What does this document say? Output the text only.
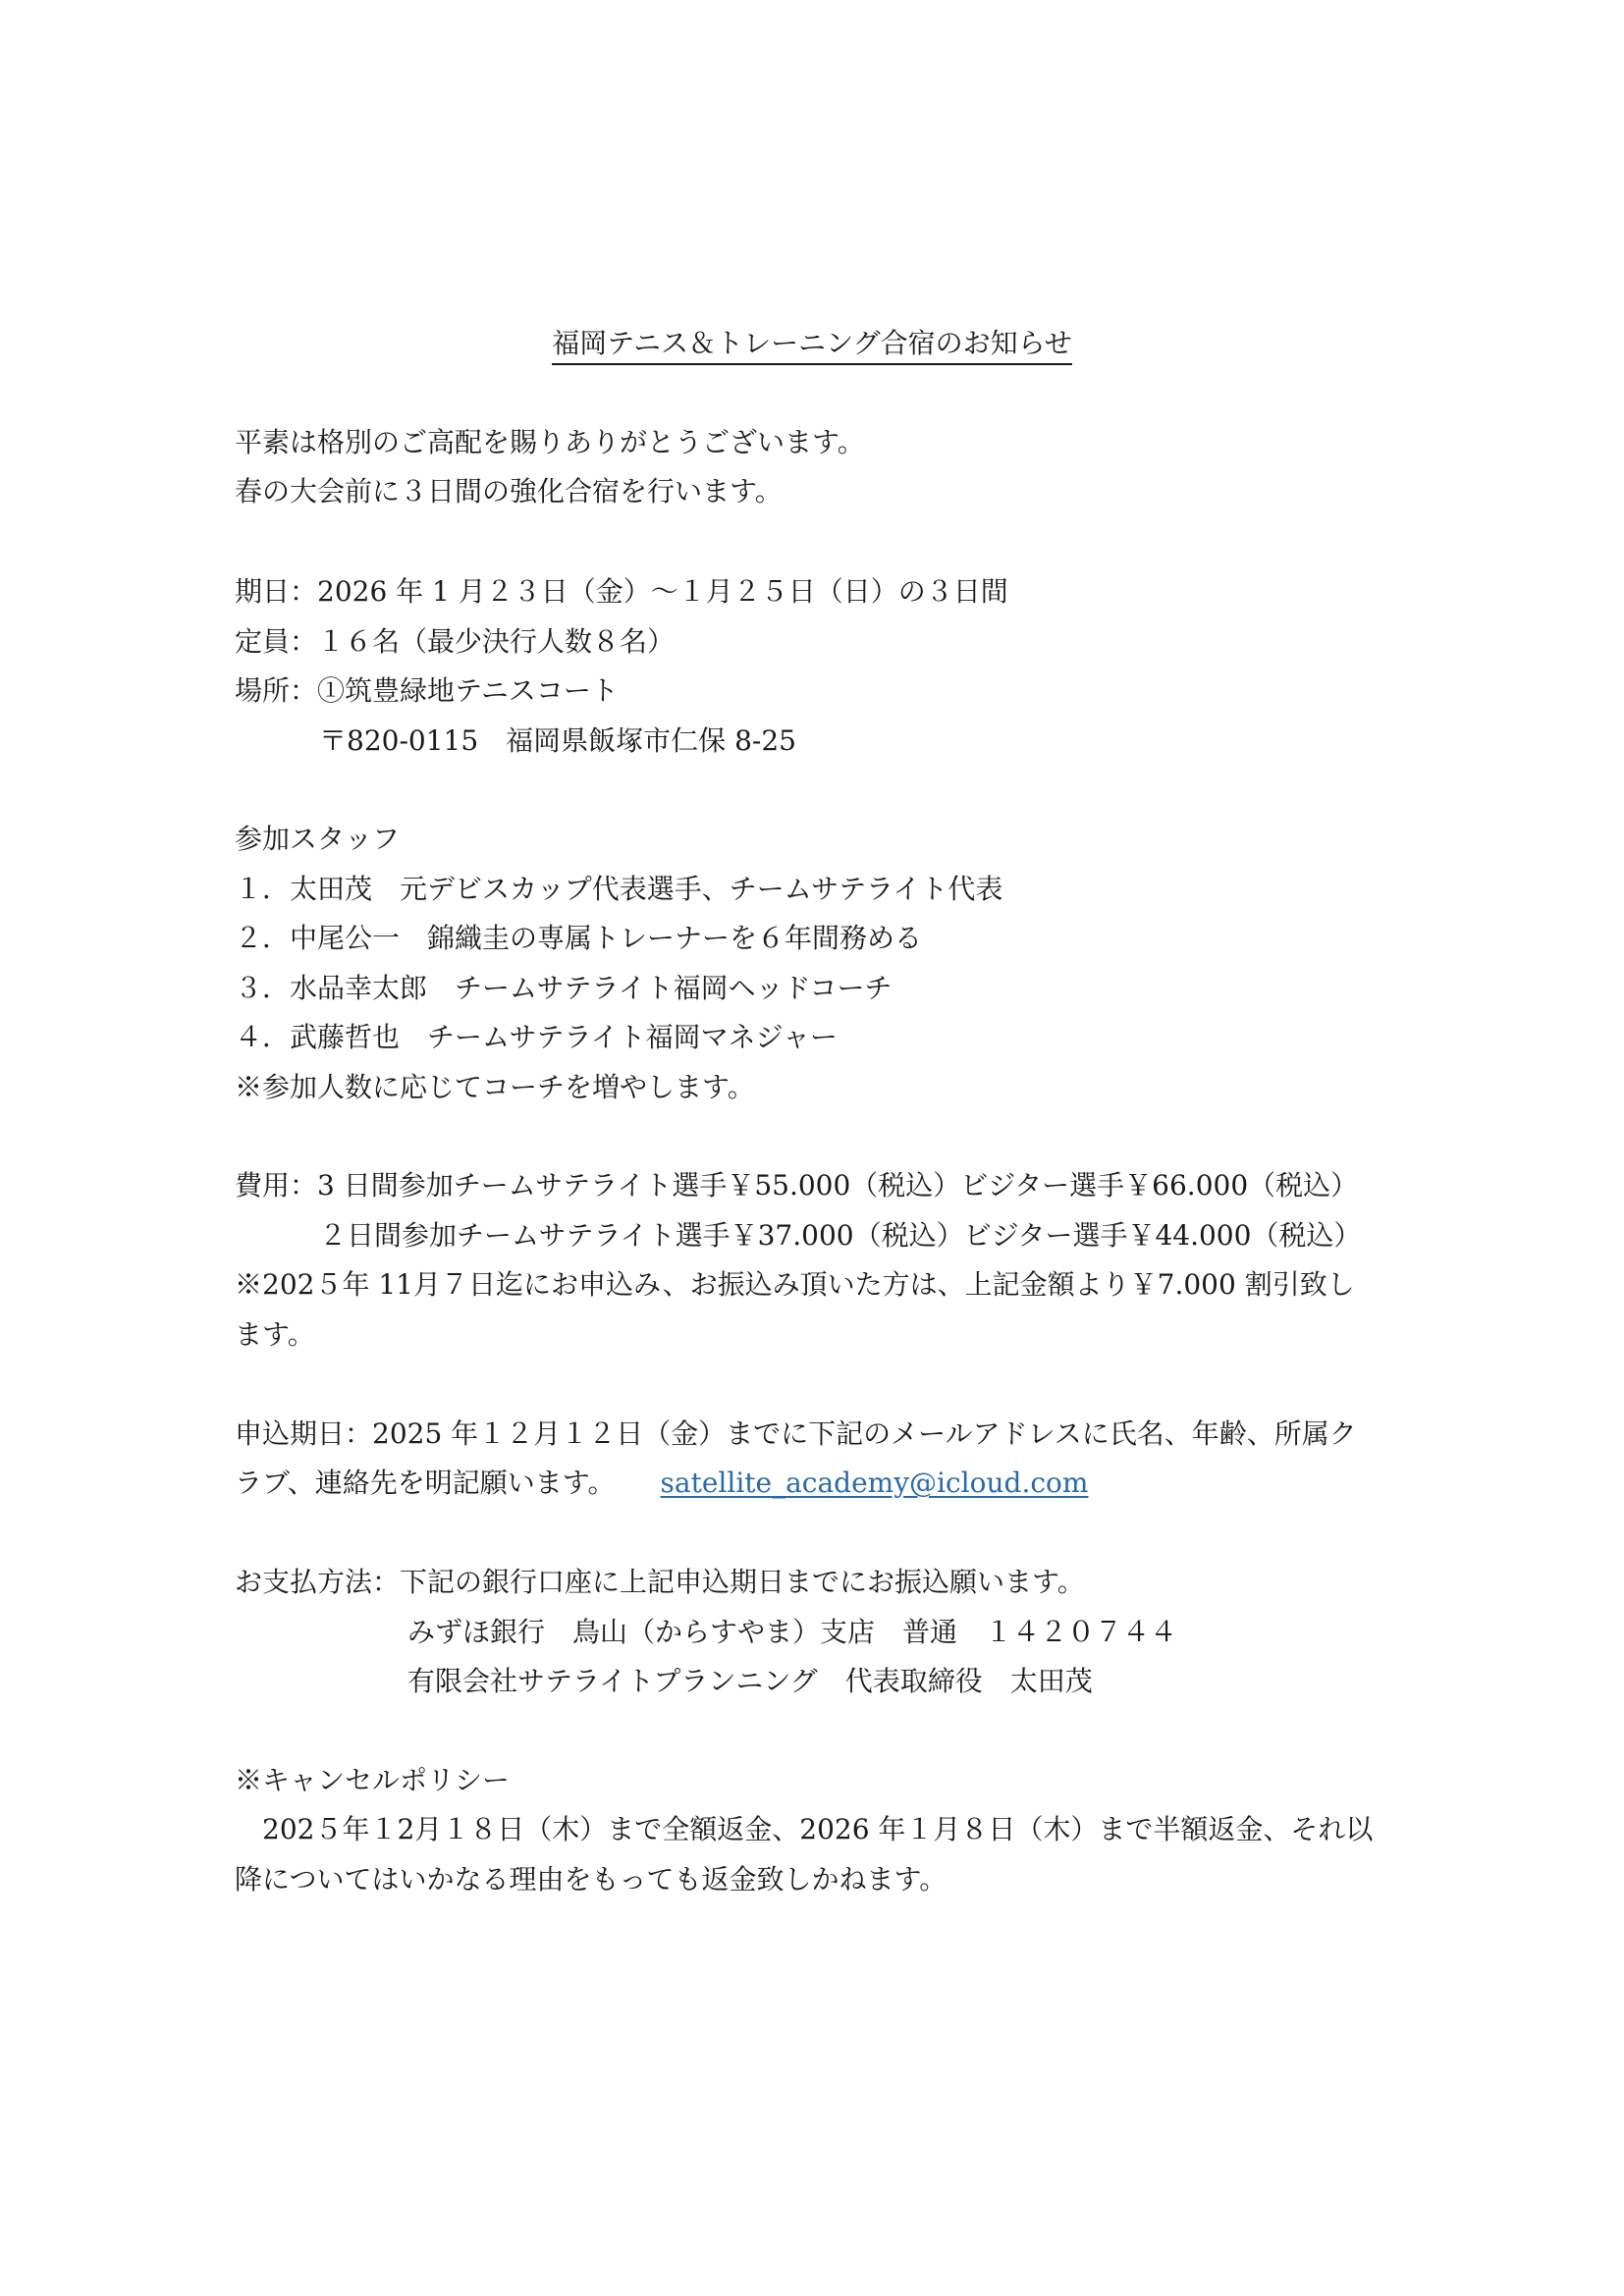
福岡テニス＆トレーニング合宿のお知らせ
平素は格別のご高配を賜りありがとうございます。
春の大会前に３日間の強化合宿を行います。
期日：2026 年 1 月２３日（金）〜１月２５日（日）の３日間
定員：１６名（最少決行人数８名）
場所：①筑豊緑地テニスコート
〒820-0115　福岡県飯塚市仁保 8-25
参加スタッフ
１．太田茂　元デビスカップ代表選手、チームサテライト代表
２．中尾公一　錦織圭の専属トレーナーを６年間務める
３．水品幸太郎　チームサテライト福岡ヘッドコーチ
４．武藤哲也　チームサテライト福岡マネジャー
※参加人数に応じてコーチを増やします。
費用：3 日間参加チームサテライト選手￥55.000（税込）ビジター選手￥66.000（税込）
２日間参加チームサテライト選手￥37.000（税込）ビジター選手￥44.000（税込）
※202５年 11月７日迄にお申込み、お振込み頂いた方は、上記金額より￥7.000 割引致し
ます。
申込期日：2025 年１２月１２日（金）までに下記のメールアドレスに氏名、年齢、所属ク
ラブ、連絡先を明記願います。 satellite_academy@icloud.com
お支払方法：下記の銀行口座に上記申込期日までにお振込願います。
みずほ銀行　鳥山（からすやま）支店　普通　１４２０７４４
有限会社サテライトプランニング　代表取締役　太田茂
※キャンセルポリシー
　202５年１2月１８日（木）まで全額返金、2026 年１月８日（木）まで半額返金、それ以
降についてはいかなる理由をもっても返金致しかねます。
